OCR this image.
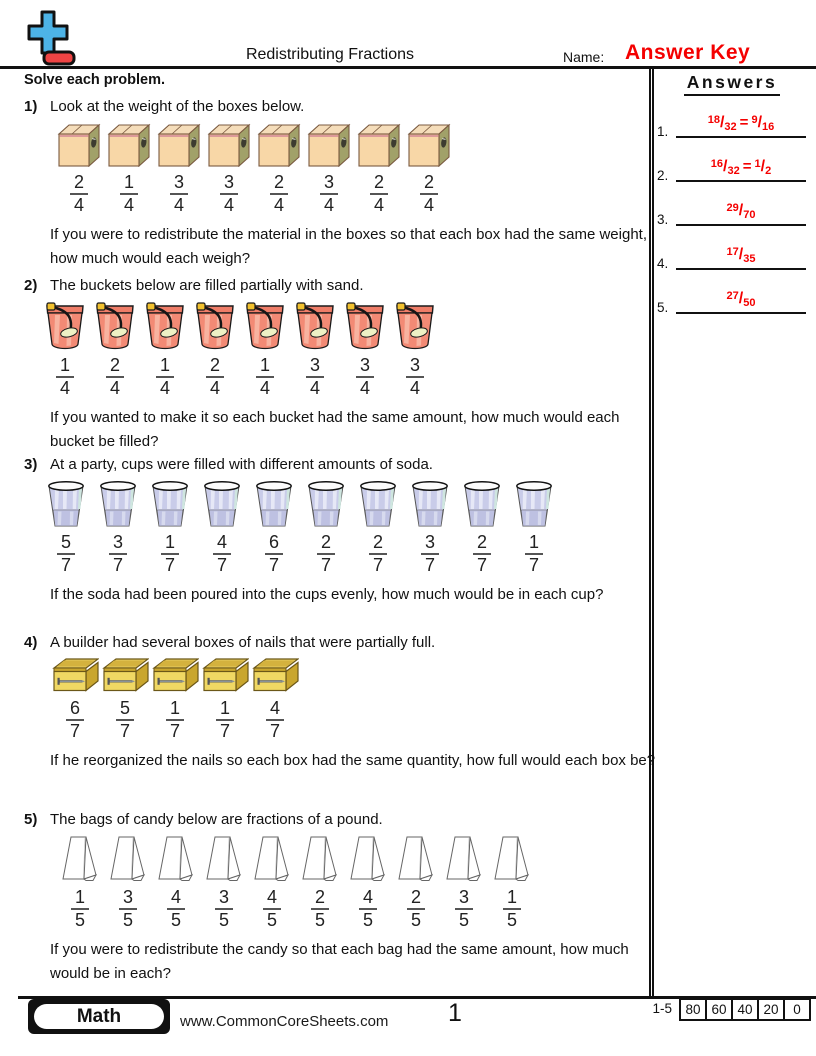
Redistributing Fractions	Name: Answer Key
Solve each problem.	Answers
1.
$^{18}/_{32} = ^9/_{16}$
2.
$^{16}/_{32} = ^1/_2$
3.
$^{29}/_{70}$
4.
$^{17}/_{35}$
5.
$^{27}/_{50}$
1) Look at the weight of the boxes below.
$\frac{2}{4} \frac{1}{4} \frac{3}{4} \frac{3}{4} \frac{2}{4} \frac{3}{4} \frac{2}{4} \frac{2}{4}$
If you were to redistribute the material in the boxes so that each box had the same weight, how much would each weigh?
2) The buckets below are filled partially with sand.
$\frac{1}{4} \frac{2}{4} \frac{1}{4} \frac{2}{4} \frac{1}{4} \frac{3}{4} \frac{3}{4} \frac{3}{4}$
If you wanted to make it so each bucket had the same amount, how much would each bucket be filled?
3) At a party, cups were filled with different amounts of soda.
$\frac{5}{7} \frac{3}{7} \frac{1}{7} \frac{4}{7} \frac{6}{7} \frac{2}{7} \frac{2}{7} \frac{3}{7} \frac{2}{7} \frac{1}{7}$
If the soda had been poured into the cups evenly, how much would be in each cup?
4) A builder had several boxes of nails that were partially full.
$\frac{6}{7} \frac{5}{7} \frac{1}{7} \frac{1}{7} \frac{4}{7}$
If he reorganized the nails so each box had the same quantity, how full would each box be?
5) The bags of candy below are fractions of a pound.
$\frac{1}{5} \frac{3}{5} \frac{4}{5} \frac{3}{5} \frac{4}{5} \frac{2}{5} \frac{4}{5} \frac{2}{5} \frac{3}{5} \frac{1}{5}$
If you were to redistribute the candy so that each bag had the same amount, how much would be in each?
Math	www.CommonCoreSheets.com	1	1-5 80 60 40 20	0
